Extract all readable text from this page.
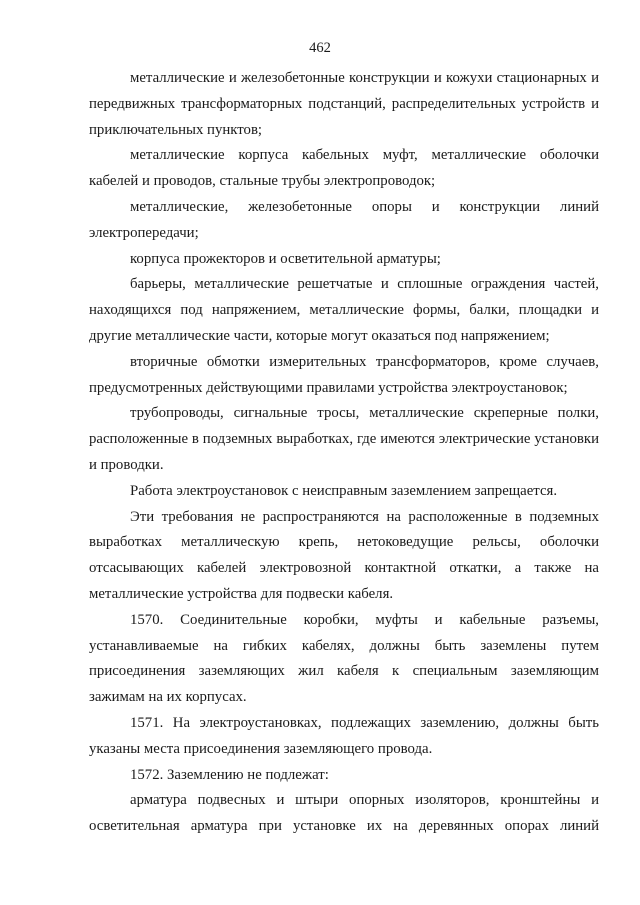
462

металлические и железобетонные конструкции и кожухи стационарных и передвижных трансформаторных подстанций, распределительных устройств и приключательных пунктов;

металлические корпуса кабельных муфт, металлические оболочки кабелей и проводов, стальные трубы электропроводок;

металлические, железобетонные опоры и конструкции линий электропередачи;

корпуса прожекторов и осветительной арматуры;

барьеры, металлические решетчатые и сплошные ограждения частей, находящихся под напряжением, металлические формы, балки, площадки и другие металлические части, которые могут оказаться под напряжением;

вторичные обмотки измерительных трансформаторов, кроме случаев, предусмотренных действующими правилами устройства электроустановок;

трубопроводы, сигнальные тросы, металлические скреперные полки, расположенные в подземных выработках, где имеются электрические установки и проводки.

Работа электроустановок с неисправным заземлением запрещается.

Эти требования не распространяются на расположенные в подземных выработках металлическую крепь, нетоковедущие рельсы, оболочки отсасывающих кабелей электровозной контактной откатки, а также на металлические устройства для подвески кабеля.

1570. Соединительные коробки, муфты и кабельные разъемы, устанавливаемые на гибких кабелях, должны быть заземлены путем присоединения заземляющих жил кабеля к специальным заземляющим зажимам на их корпусах.

1571. На электроустановках, подлежащих заземлению, должны быть указаны места присоединения заземляющего провода.

1572. Заземлению не подлежат:

арматура подвесных и штыри опорных изоляторов, кронштейны и осветительная арматура при установке их на деревянных опорах линий
